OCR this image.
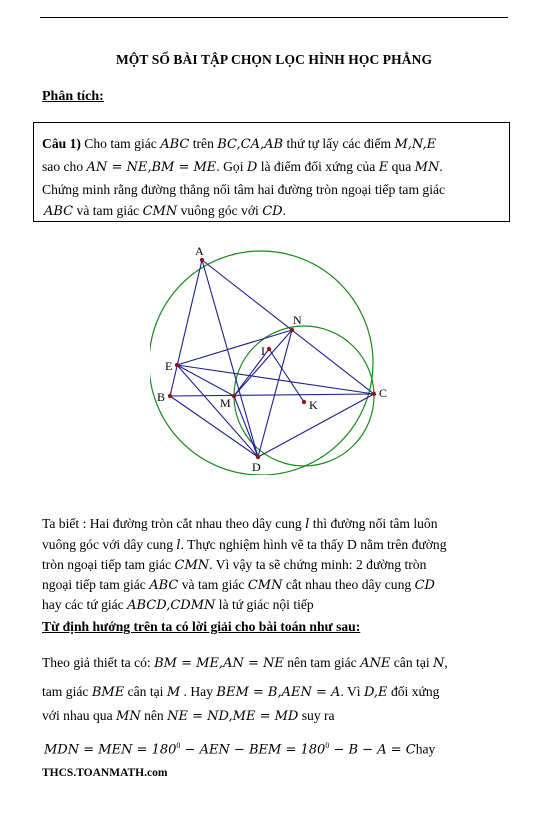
MỘT SỐ BÀI TẬP CHỌN LỌC HÌNH HỌC PHẲNG
Phân tích:
Câu 1) Cho tam giác ABC trên BC,CA,AB thứ tự lấy các điểm M,N,E
sao cho AN = NE,BM = ME. Gọi D là điểm đối xứng của E qua MN.
Chứng minh rằng đường thẳng nối tâm hai đường tròn ngoại tiếp tam giác
ABC và tam giác CMN vuông góc với CD.
A
N
I
E
B	M	K
C
D
Ta biết : Hai đường tròn cắt nhau theo dây cung l thì đường nối tâm luôn
vuông góc với dây cung l. Thực nghiệm hình vẽ ta thấy D nằm trên đường
tròn ngoại tiếp tam giác CMN. Vì vậy ta sẽ chứng minh: 2 đường tròn
ngoại tiếp tam giác ABC và tam giác CMN cắt nhau theo dây cung CD
hay các tứ giác ABCD,CDMN là tứ giác nội tiếp
Từ định hướng trên ta có lời giải cho bài toán như sau:
Theo giả thiết ta có: BM = ME,AN = NE nên tam giác ANE cân tại N,
tam giác BME cân tại M . Hay BEM = B,AEN = A. Vì D,E đối xứng
với nhau qua MN nên NE = ND,ME = MD suy ra
MDN = MEN = $180^0$ − AEN − BEM = $180^0 - B - A$ = Chay
THCS.TOANMATH.com
